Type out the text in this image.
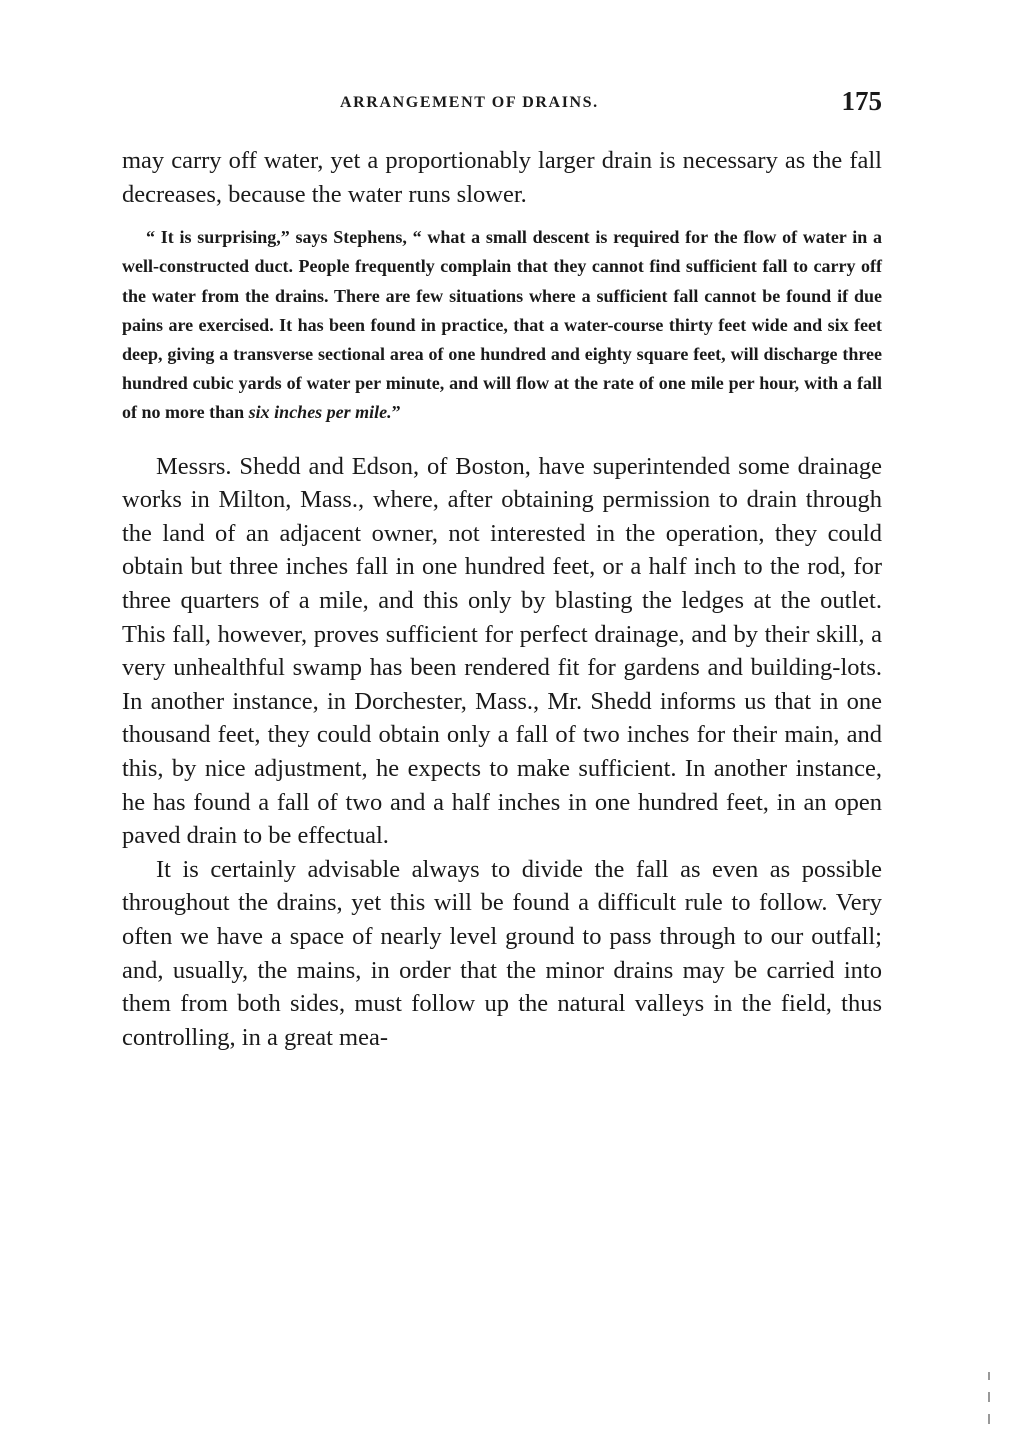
ARRANGEMENT OF DRAINS.	175

may carry off water, yet a proportionably larger drain is necessary as the fall decreases, because the water runs slower.

“ It is surprising,” says Stephens, “ what a small descent is required for the flow of water in a well-constructed duct. People frequently complain that they cannot find sufficient fall to carry off the water from the drains. There are few situations where a sufficient fall cannot be found if due pains are exercised. It has been found in practice, that a water-course thirty feet wide and six feet deep, giving a transverse sectional area of one hundred and eighty square feet, will discharge three hundred cubic yards of water per minute, and will flow at the rate of one mile per hour, with a fall of no more than six inches per mile.”

Messrs. Shedd and Edson, of Boston, have superintended some drainage works in Milton, Mass., where, after obtaining permission to drain through the land of an adjacent owner, not interested in the operation, they could obtain but three inches fall in one hundred feet, or a half inch to the rod, for three quarters of a mile, and this only by blasting the ledges at the outlet. This fall, however, proves sufficient for perfect drainage, and by their skill, a very unhealthful swamp has been rendered fit for gardens and building-lots. In another instance, in Dorchester, Mass., Mr. Shedd informs us that in one thousand feet, they could obtain only a fall of two inches for their main, and this, by nice adjustment, he expects to make sufficient. In another instance, he has found a fall of two and a half inches in one hundred feet, in an open paved drain to be effectual.

It is certainly advisable always to divide the fall as even as possible throughout the drains, yet this will be found a difficult rule to follow. Very often we have a space of nearly level ground to pass through to our outfall; and, usually, the mains, in order that the minor drains may be carried into them from both sides, must follow up the natural valleys in the field, thus controlling, in a great mea-
